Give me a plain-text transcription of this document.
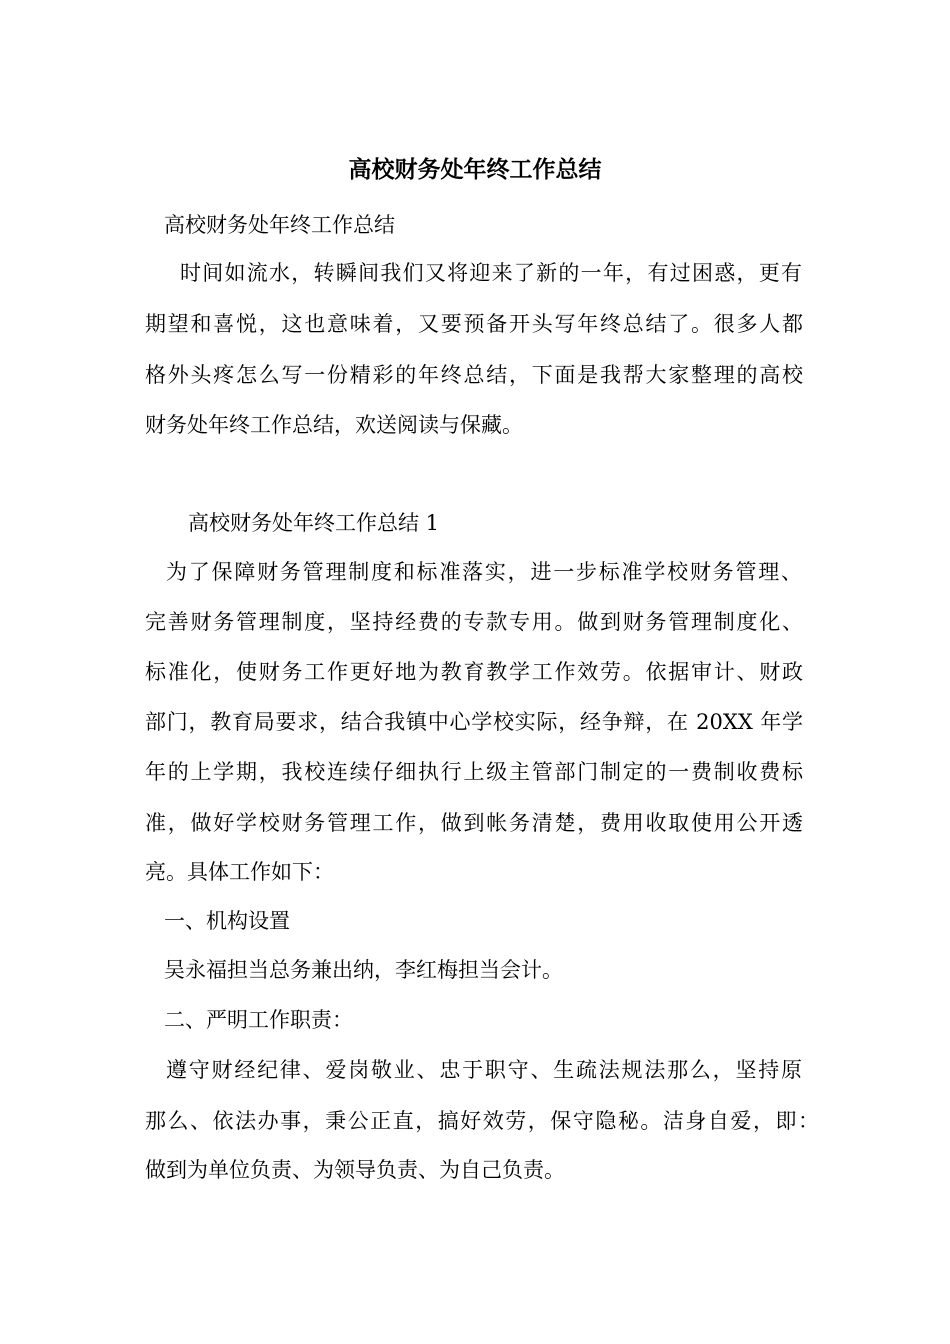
高校财务处年终工作总结

高校财务处年终工作总结

时间如流水，转瞬间我们又将迎来了新的一年，有过困惑，更有

期望和喜悦，这也意味着，又要预备开头写年终总结了。很多人都

格外头疼怎么写一份精彩的年终总结，下面是我帮大家整理的高校

财务处年终工作总结，欢送阅读与保藏。

高校财务处年终工作总结 1

为了保障财务管理制度和标准落实，进一步标准学校财务管理、

完善财务管理制度，坚持经费的专款专用。做到财务管理制度化、

标准化，使财务工作更好地为教育教学工作效劳。依据审计、财政

部门，教育局要求，结合我镇中心学校实际，经争辩，在 20XX 年学

年的上学期，我校连续仔细执行上级主管部门制定的一费制收费标

准，做好学校财务管理工作，做到帐务清楚，费用收取使用公开透

亮。具体工作如下：

一、机构设置

吴永福担当总务兼出纳，李红梅担当会计。

二、严明工作职责：

遵守财经纪律、爱岗敬业、忠于职守、生疏法规法那么，坚持原

那么、依法办事，秉公正直，搞好效劳，保守隐秘。洁身自爱，即：

做到为单位负责、为领导负责、为自己负责。
